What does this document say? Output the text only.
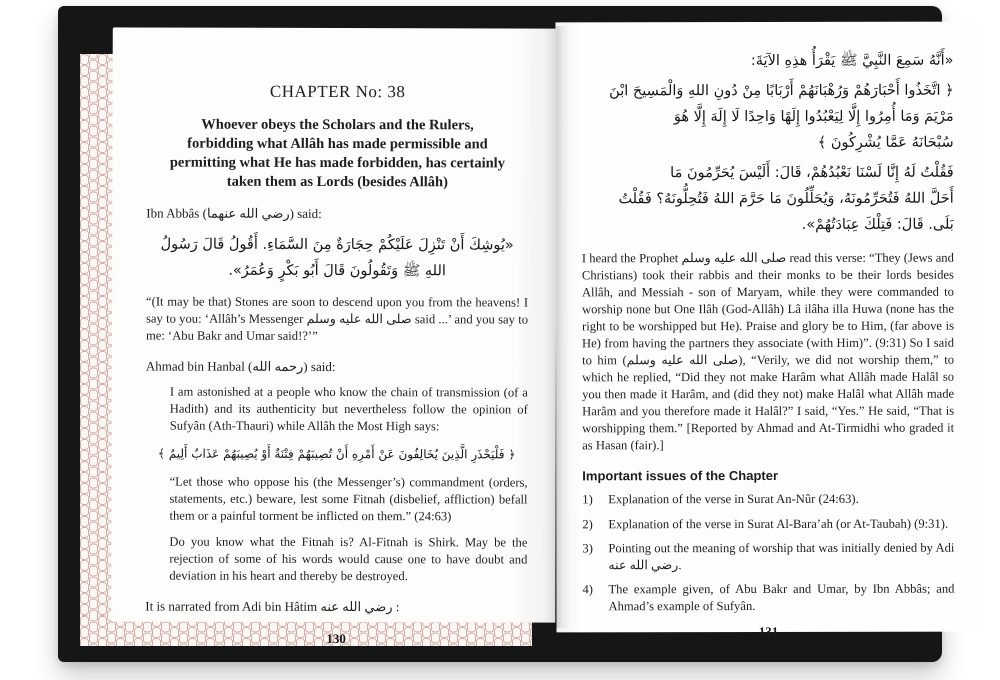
CHAPTER No: 38
Whoever obeys the Scholars and the Rulers,
forbidding what Allâh has made permissible and
permitting what He has made forbidden, has certainly
taken them as Lords (besides Allâh)
Ibn Abbâs (رضي الله عنهما) said:
«يُوشِكَ أَنْ تَنْزِلَ عَلَيْكُمْ حِجَارَةٌ مِنَ السَّمَاءِ. أَقُولُ قَالَ رَسُولُ
اللهِ ﷺ وَتَقُولُونَ قَالَ أَبُو بَكْرٍ وَعُمَرُ».
“(It may be that) Stones are soon to descend upon you from the heavens! I say to you: ‘Allâh’s Messenger صلى الله عليه وسلم said ...’ and you say to me: ‘Abu Bakr and Umar said!?’”
Ahmad bin Hanbal (رحمه الله) said:
I am astonished at a people who know the chain of transmission (of a Hadith) and its authenticity but nevertheless follow the opinion of Sufyân (Ath-Thauri) while Allâh the Most High says:
﴿ فَلْيَحْذَرِ الَّذِينَ يُخَالِفُونَ عَنْ أَمْرِهِ أَنْ تُصِيبَهُمْ فِتْنَةٌ أَوْ يُصِيبَهُمْ عَذَابٌ أَلِيمٌ ﴾
“Let those who oppose his (the Messenger’s) commandment (orders, statements, etc.) beware, lest some Fitnah (disbelief, affliction) befall them or a painful torment be inflicted on them.” (24:63)
Do you know what the Fitnah is? Al-Fitnah is Shirk. May be the rejection of some of his words would cause one to have doubt and deviation in his heart and thereby be destroyed.
It is narrated from Adi bin Hâtim رضي الله عنه :
130
«أَنَّهُ سَمِعَ النَّبِيَّ ﷺ يَقْرَأُ هذِهِ الآيَةَ:
﴿ اتَّخَذُوا أَحْبَارَهُمْ وَرُهْبَانَهُمْ أَرْبَابًا مِنْ دُونِ اللهِ وَالْمَسِيحَ ابْنَ
مَرْيَمَ وَمَا أُمِرُوا إِلَّا لِيَعْبُدُوا إِلَهًا وَاحِدًا لَا إِلَهَ إِلَّا هُوَ
سُبْحَانَهُ عَمَّا يُشْرِكُونَ ﴾
فَقُلْتُ لَهُ إِنَّا لَسْنَا نَعْبُدُهُمْ، قَالَ: أَلَيْسَ يُحَرِّمُونَ مَا
أَحَلَّ اللهُ فَتُحَرِّمُونَهُ، وَيُحَلِّلُونَ مَا حَرَّمَ اللهُ فَتُحِلُّونَهُ؟ فَقُلْتُ
بَلَى. قَالَ: فَتِلْكَ عِبَادَتُهُمْ».
I heard the Prophet صلى الله عليه وسلم read this verse: “They (Jews and Christians) took their rabbis and their monks to be their lords besides Allâh, and Messiah - son of Maryam, while they were commanded to worship none but One Ilâh (God-Allâh) Lâ ilâha illa Huwa (none has the right to be worshipped but He). Praise and glory be to Him, (far above is He) from having the partners they associate (with Him)”. (9:31) So I said to him (صلى الله عليه وسلم), “Verily, we did not worship them,” to which he replied, “Did they not make Harâm what Allâh made Halâl so you then made it Harâm, and (did they not) make Halâl what Allâh made Harâm and you therefore made it Halâl?” I said, “Yes.” He said, “That is worshipping them.” [Reported by Ahmad and At-Tirmidhi who graded it as Hasan (fair).]
Important issues of the Chapter
1)	Explanation of the verse in Surat An-Nûr (24:63).
2)	Explanation of the verse in Surat Al-Bara’ah (or At-Taubah) (9:31).
3)	Pointing out the meaning of worship that was initially denied by Adi رضي الله عنه.
4)	The example given, of Abu Bakr and Umar, by Ibn Abbâs; and Ahmad’s example of Sufyân.
131
